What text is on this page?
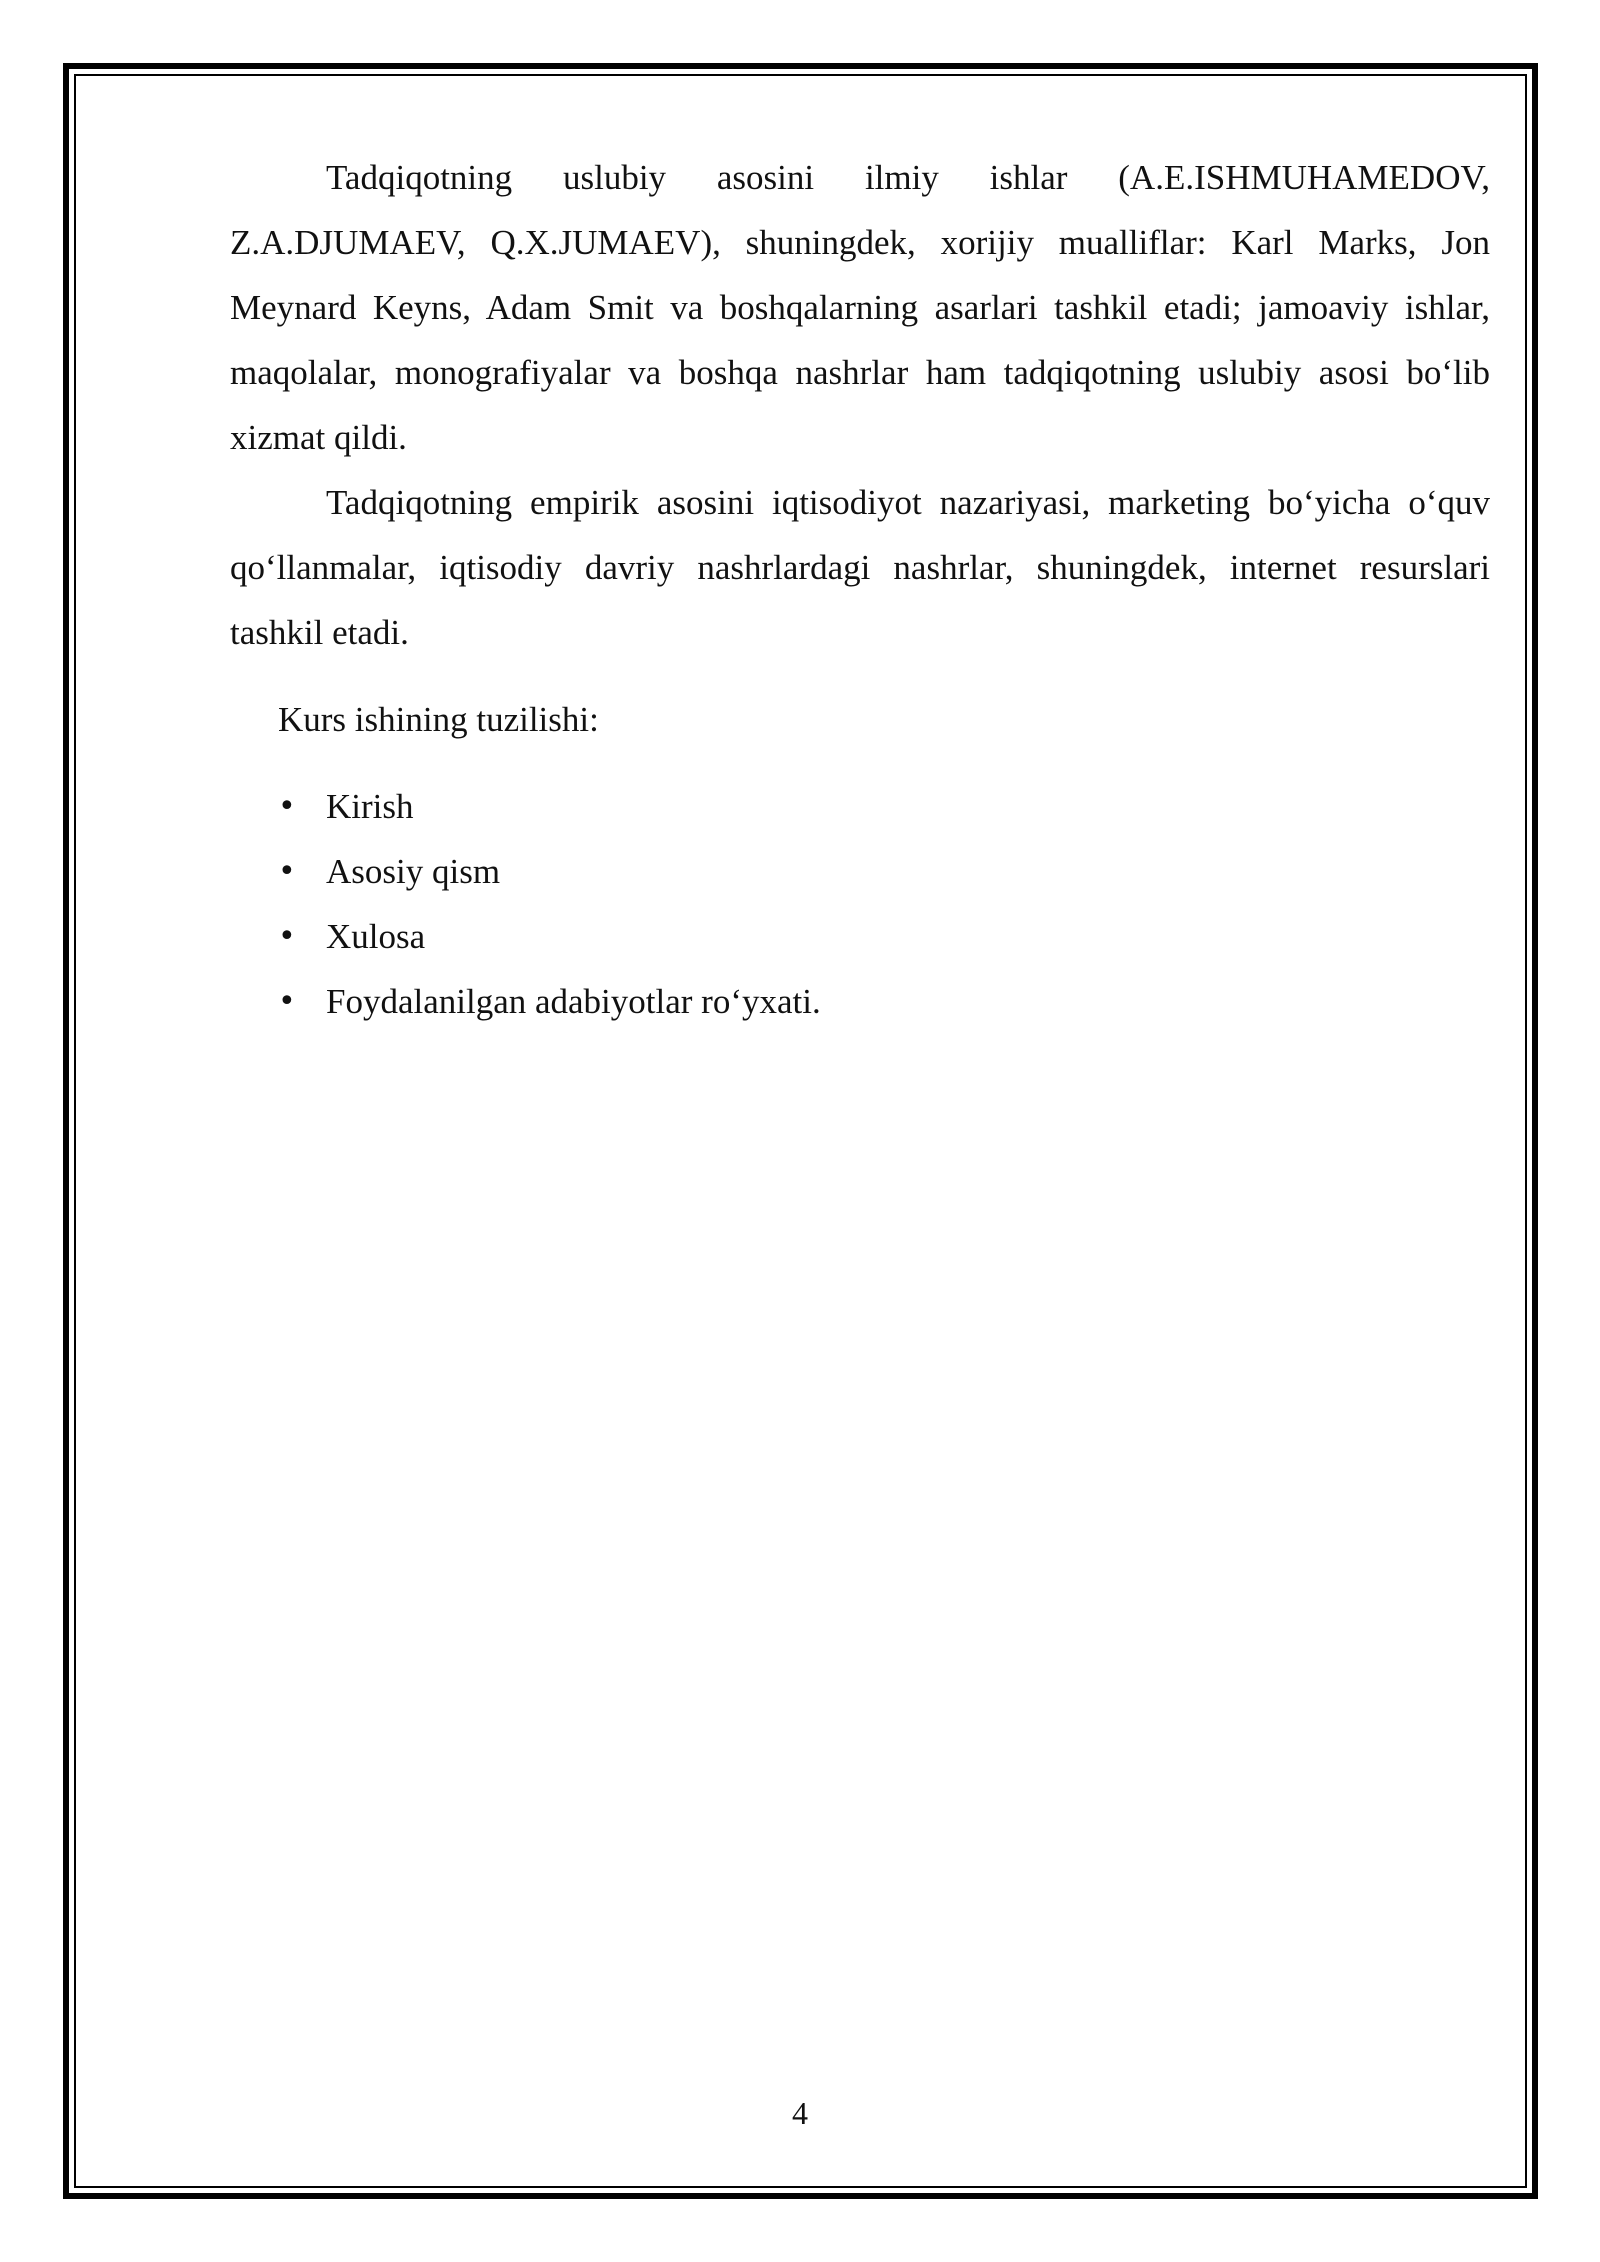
Tadqiqotning uslubiy asosini ilmiy ishlar (A.E.ISHMUHAMEDOV, Z.A.DJUMAEV, Q.X.JUMAEV), shuningdek, xorijiy mualliflar: Karl Marks, Jon Meynard Keyns, Adam Smit va boshqalarning asarlari tashkil etadi; jamoaviy ishlar, maqolalar, monografiyalar va boshqa nashrlar ham tadqiqotning uslubiy asosi bo‘lib xizmat qildi.

Tadqiqotning empirik asosini iqtisodiyot nazariyasi, marketing bo‘yicha o‘quv qo‘llanmalar, iqtisodiy davriy nashrlardagi nashrlar, shuningdek, internet resurslari tashkil etadi.

Kurs ishining tuzilishi:

• Kirish
• Asosiy qism
• Xulosa
• Foydalanilgan adabiyotlar ro‘yxati.
4
